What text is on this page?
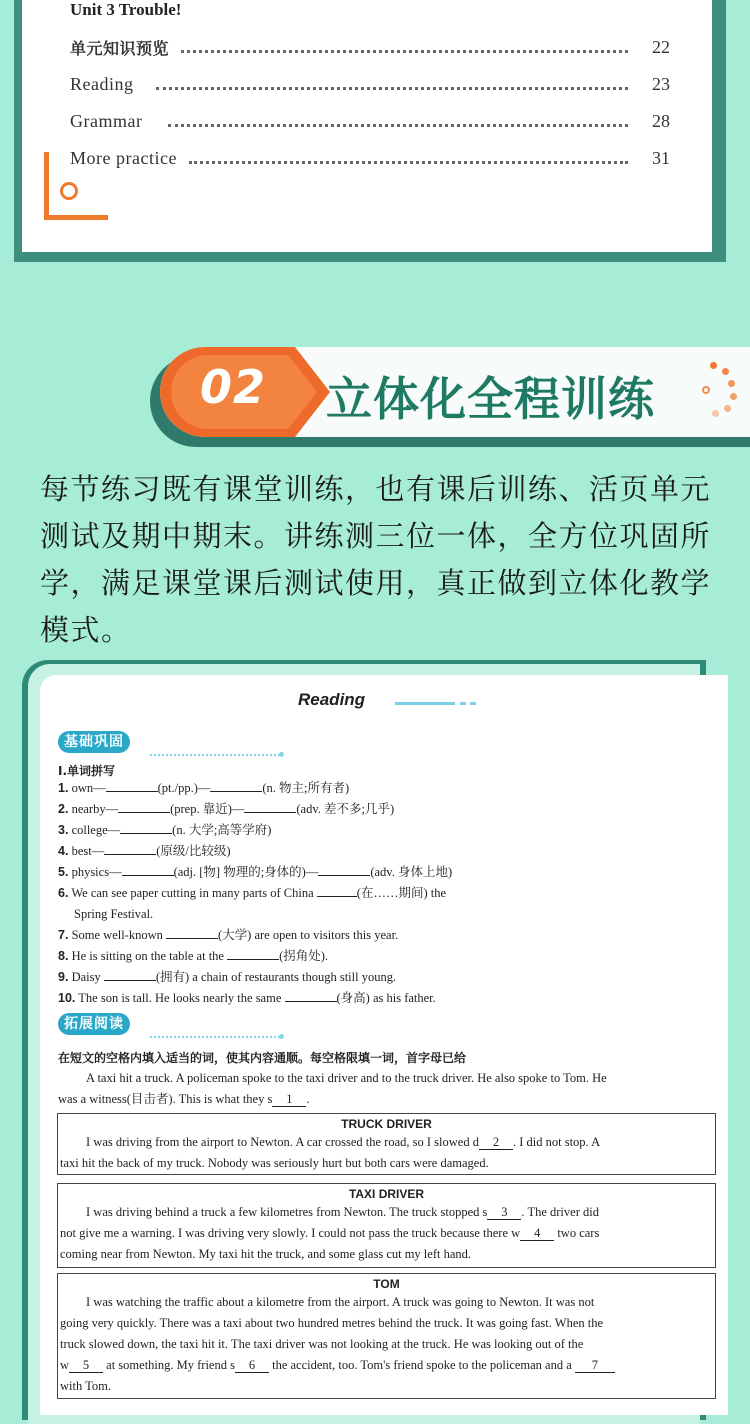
Unit 3 Trouble!
单元知识预览	22
Reading	23
Grammar	28
More practice	31
02	立体化全程训练
每节练习既有课堂训练，也有课后训练、活页单元测试及期中期末。讲练测三位一体，全方位巩固所学，满足课堂课后测试使用，真正做到立体化教学模式。
Reading
基础巩固
Ⅰ.单词拼写
1. own—	(pt./pp.)—	(n. 物主;所有者)
2. nearby—	(prep. 靠近)—	(adv. 差不多;几乎)
3. college—	(n. 大学;高等学府)
4. best—	(原级/比较级)
5. physics—	(adj. [物] 物理的;身体的)—	(adv. 身体上地)
6. We can see paper cutting in many parts of China	(在……期间) the
Spring Festival.
7. Some well-known	(大学) are open to visitors this year.
8. He is sitting on the table at the	(拐角处).
9. Daisy	(拥有) a chain of restaurants though still young.
10. The son is tall. He looks nearly the same	(身高) as his father.
拓展阅读
在短文的空格内填入适当的词，使其内容通顺。每空格限填一词，首字母已给
A taxi hit a truck. A policeman spoke to the taxi driver and to the truck driver. He also spoke to Tom. He
was a witness(目击者). This is what they s 1 .
TRUCK DRIVER
I was driving from the airport to Newton. A car crossed the road, so I slowed d 2 . I did not stop. A
taxi hit the back of my truck. Nobody was seriously hurt but both cars were damaged.
TAXI DRIVER
I was driving behind a truck a few kilometres from Newton. The truck stopped s 3 . The driver did
not give me a warning. I was driving very slowly. I could not pass the truck because there w 4 two cars
coming near from Newton. My taxi hit the truck, and some glass cut my left hand.
TOM
I was watching the traffic about a kilometre from the airport. A truck was going to Newton. It was not
going very quickly. There was a taxi about two hundred metres behind the truck. It was going fast. When the
truck slowed down, the taxi hit it. The taxi driver was not looking at the truck. He was looking out of the
w 5 at something. My friend s 6 the accident, too. Tom's friend spoke to the policeman and a 7
with Tom.
